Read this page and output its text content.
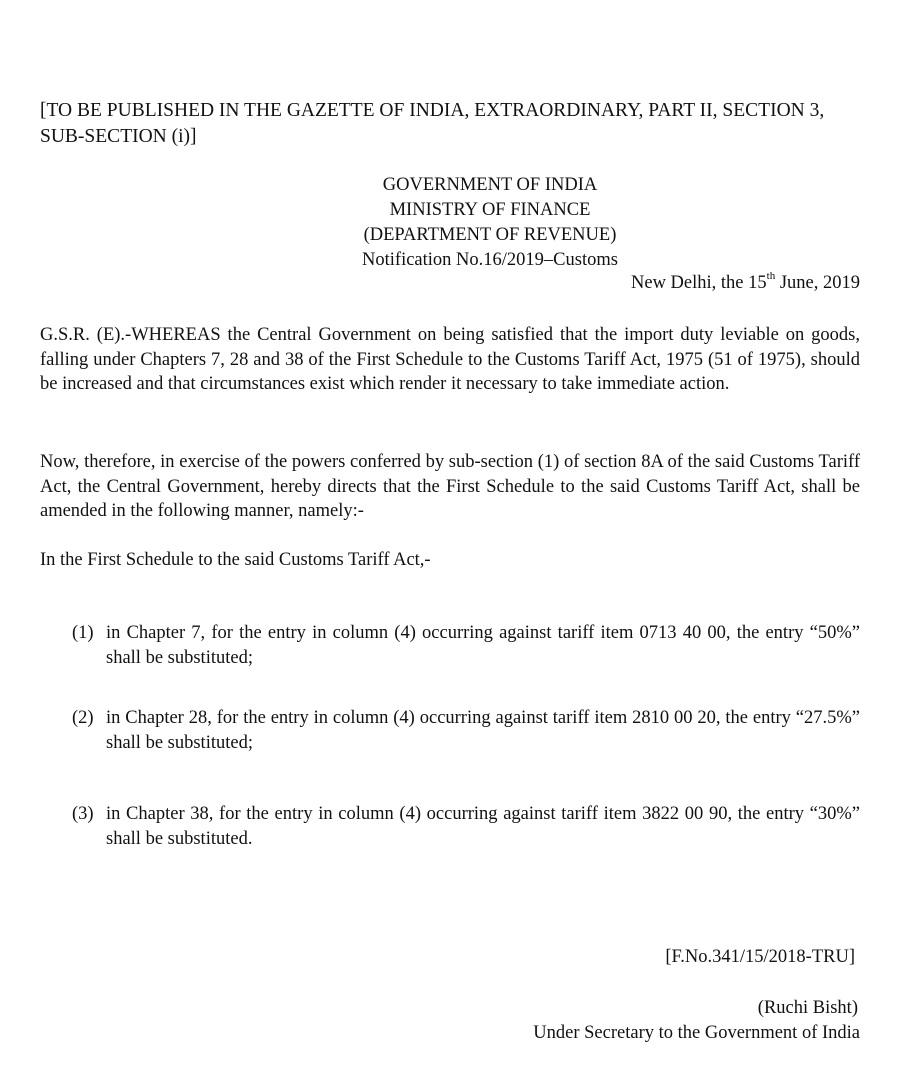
[TO BE PUBLISHED IN THE GAZETTE OF INDIA, EXTRAORDINARY, PART II, SECTION 3, SUB-SECTION (i)]
GOVERNMENT OF INDIA
MINISTRY OF FINANCE
(DEPARTMENT OF REVENUE)
Notification No.16/2019–Customs
New Delhi, the 15th June, 2019
G.S.R. (E).-WHEREAS the Central Government on being satisfied that the import duty leviable on goods, falling under Chapters 7, 28 and 38 of the First Schedule to the Customs Tariff Act, 1975 (51 of 1975), should be increased and that circumstances exist which render it necessary to take immediate action.
Now, therefore, in exercise of the powers conferred by sub-section (1) of section 8A of the said Customs Tariff Act, the Central Government, hereby directs that the First Schedule to the said Customs Tariff Act, shall be amended in the following manner, namely:-
In the First Schedule to the said Customs Tariff Act,-
(1) in Chapter 7, for the entry in column (4) occurring against tariff item 0713 40 00, the entry “50%” shall be substituted;
(2) in Chapter 28, for the entry in column (4) occurring against tariff item 2810 00 20, the entry “27.5%” shall be substituted;
(3) in Chapter 38, for the entry in column (4) occurring against tariff item 3822 00 90, the entry “30%” shall be substituted.
[F.No.341/15/2018-TRU]
(Ruchi Bisht)
Under Secretary to the Government of India
